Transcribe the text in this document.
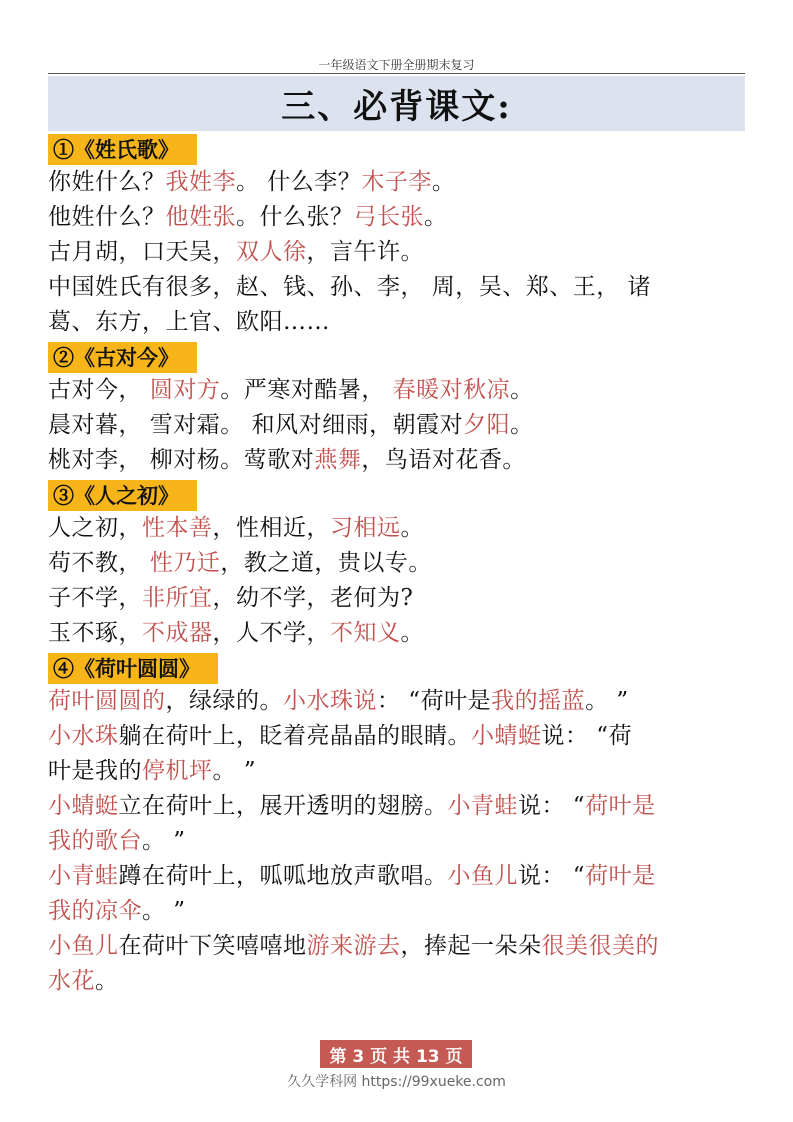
一年级语文下册全册期末复习
三、必背课文:
①《姓氏歌》
你姓什么？我姓李。 什么李？木子李。
他姓什么？他姓张。什么张？弓长张。
古月胡，口天吴，双人徐，言午许。
中国姓氏有很多，赵、钱、孙、李， 周，吴、郑、王， 诸
葛、东方，上官、欧阳……
②《古对今》
古对今， 圆对方。严寒对酷暑， 春暖对秋凉。
晨对暮， 雪对霜。 和风对细雨，朝霞对夕阳。
桃对李， 柳对杨。莺歌对燕舞，鸟语对花香。
③《人之初》
人之初，性本善，性相近，习相远。
苟不教， 性乃迁，教之道，贵以专。
子不学，非所宜，幼不学，老何为?
玉不琢，不成器，人不学，不知义。
④《荷叶圆圆》
荷叶圆圆的，绿绿的。小水珠说： “荷叶是我的摇蓝。 ”
小水珠躺在荷叶上，眨着亮晶晶的眼睛。小蜻蜓说： “荷
叶是我的停机坪。 ”
小蜻蜓立在荷叶上，展开透明的翅膀。小青蛙说： “荷叶是
我的歌台。 ”
小青蛙蹲在荷叶上，呱呱地放声歌唱。小鱼儿说： “荷叶是
我的凉伞。 ”
小鱼儿在荷叶下笑嘻嘻地游来游去，捧起一朵朵很美很美的
水花。
第 3 页 共 13 页
久久学科网 https://99xueke.com
